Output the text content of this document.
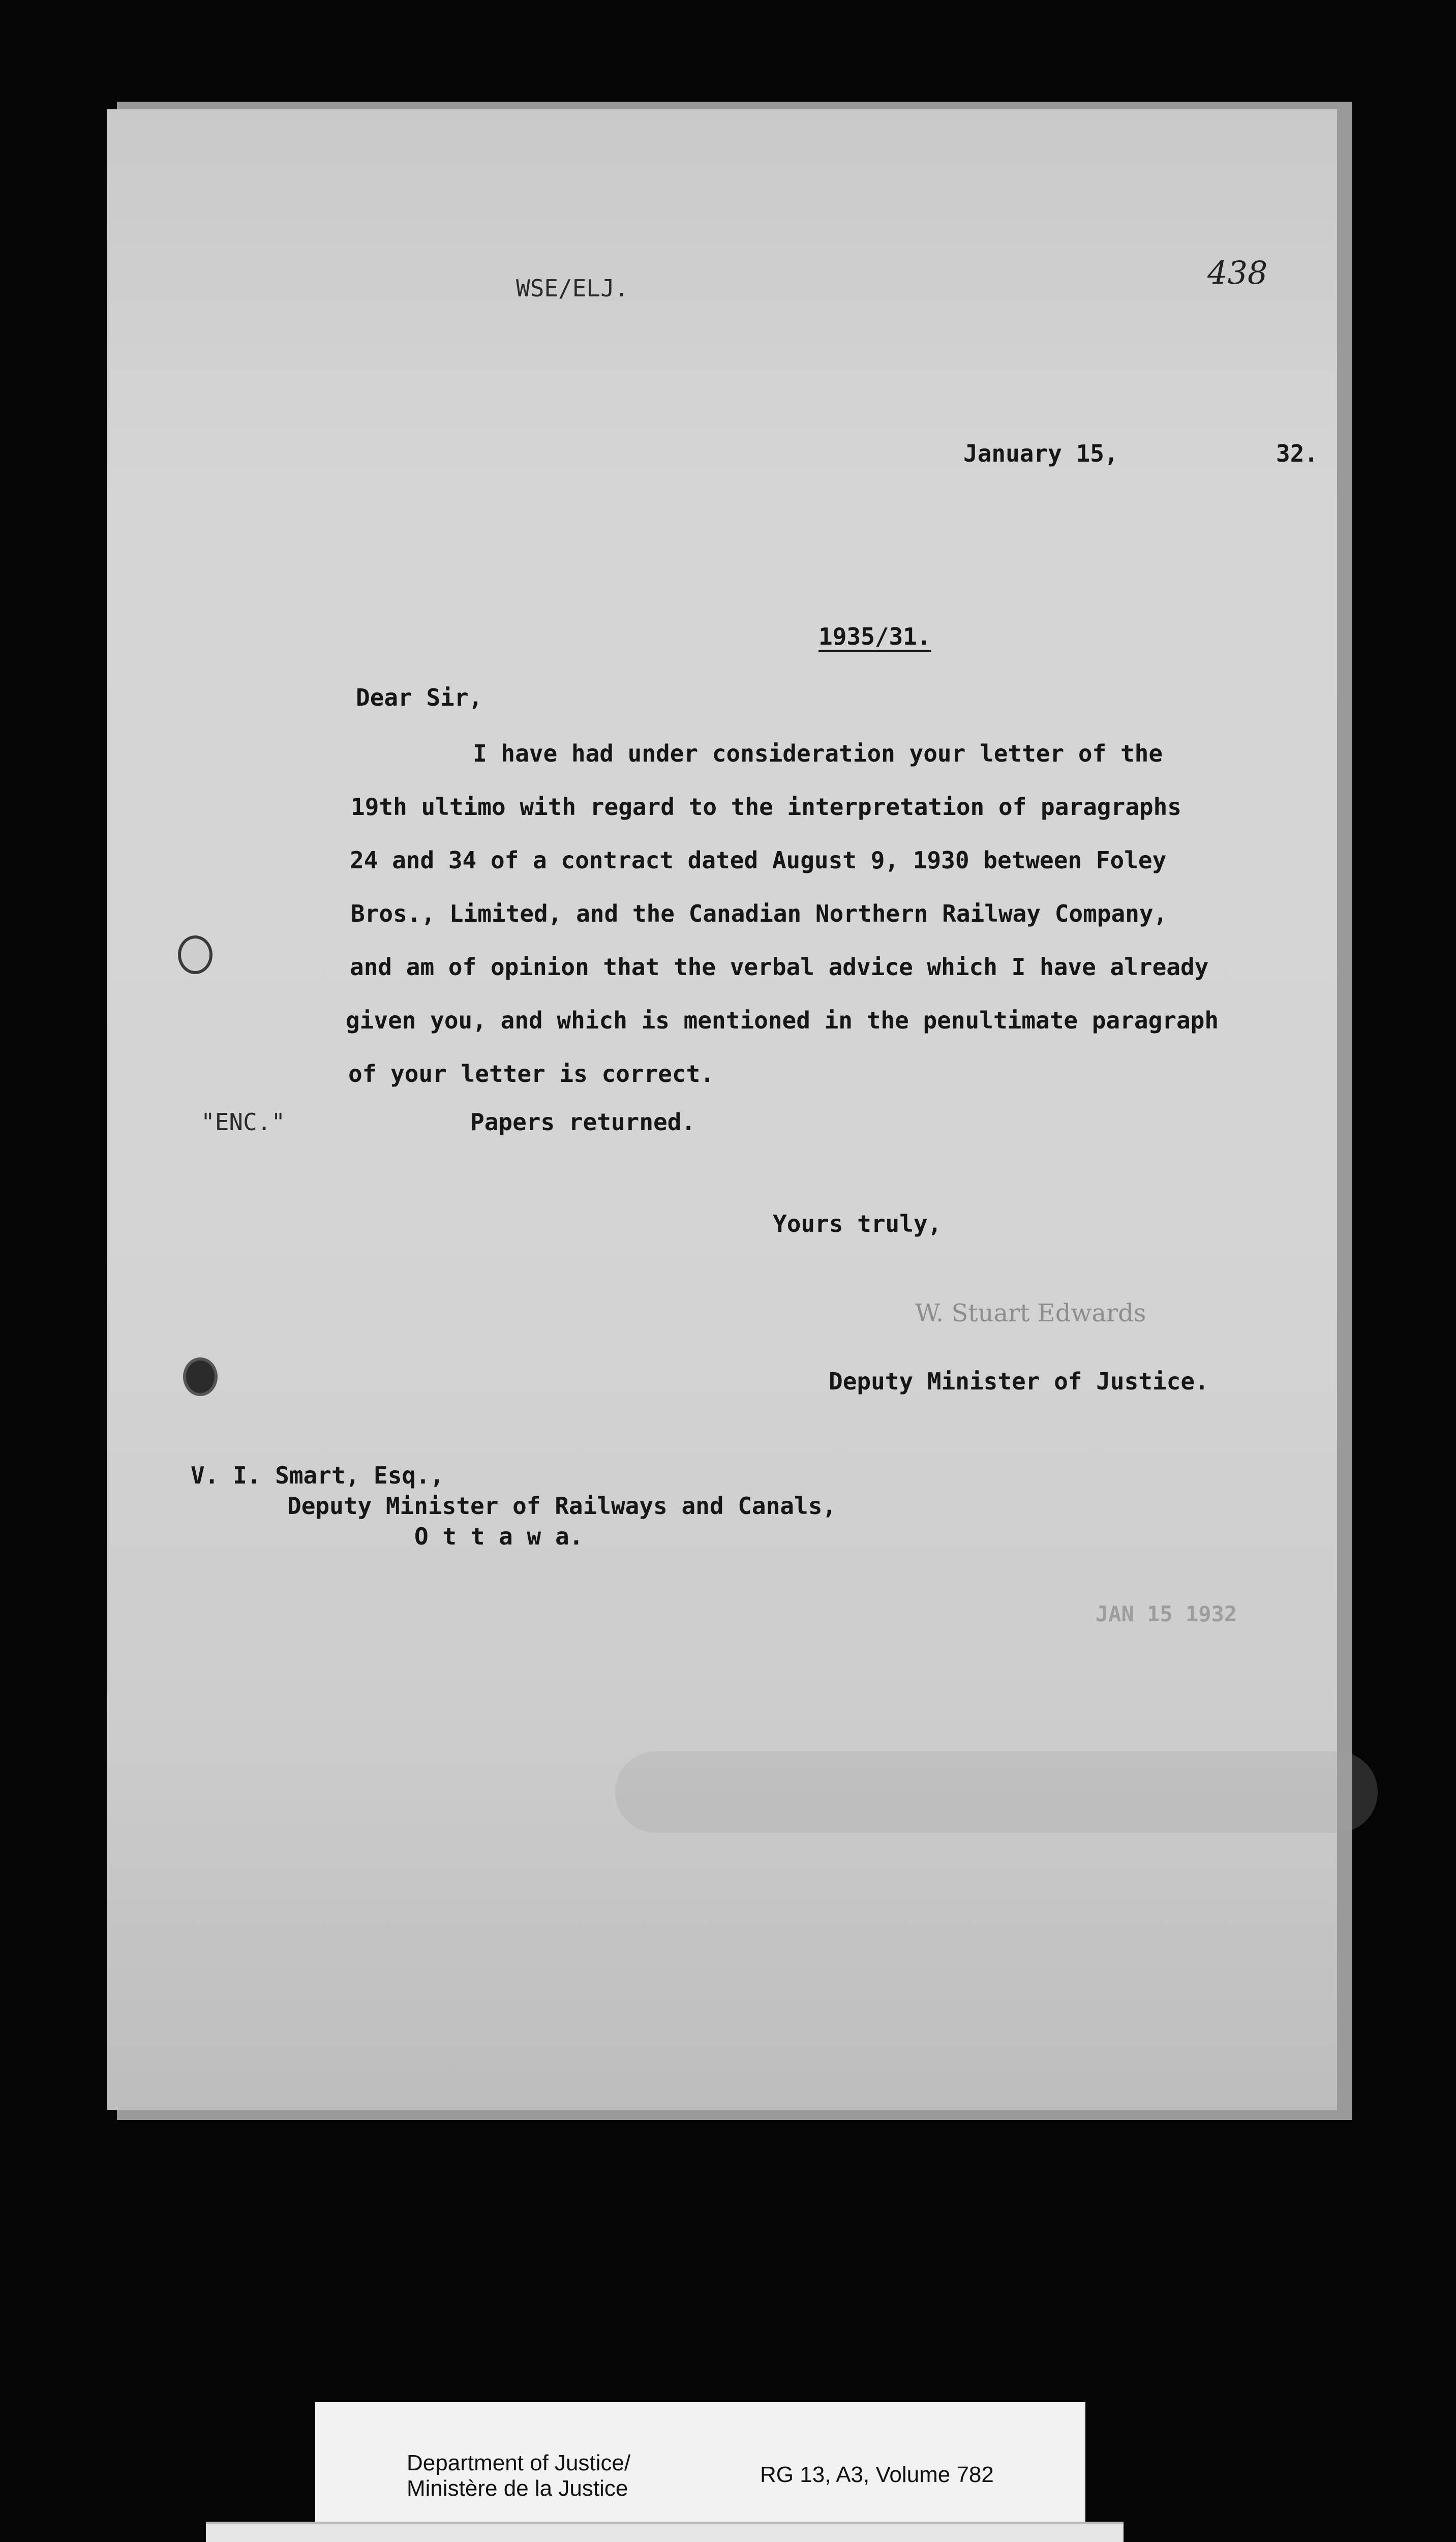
WSE/ELJ.	438
January 15,	32.
1935/31.
Dear Sir,
I have had under consideration your letter of the
19th ultimo with regard to the interpretation of paragraphs
24 and 34 of a contract dated August 9, 1930 between Foley
Bros., Limited, and the Canadian Northern Railway Company,
and am of opinion that the verbal advice which I have already
given you, and which is mentioned in the penultimate paragraph
of your letter is correct.
"ENC."	Papers returned.
Yours truly,
W. Stuart Edwards
Deputy Minister of Justice.
V. I. Smart, Esq.,
Deputy Minister of Railways and Canals,
O t t a w a.
JAN 15 1932
Department of Justice/
Ministère de la Justice
RG 13, A3, Volume 782
